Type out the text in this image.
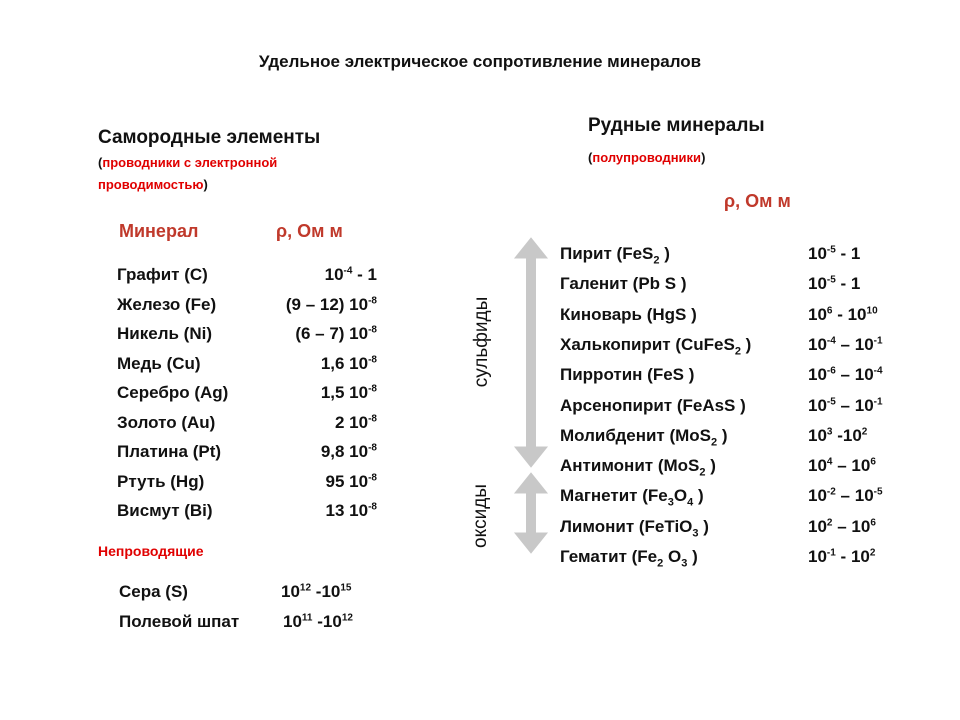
Удельное электрическое сопротивление минералов
Самородные элементы
(проводники с электронной проводимостью)
Минерал	ρ, Ом м
Графит (С)	$10^{-4} - 1$
Железо (Fe)	(9 – 12) $10^{-8}$
Никель (Ni)	(6 – 7) $10^{-8}$
Медь (Cu)	1,6 $10^{-8}$
Серебро (Ag)	1,5 $10^{-8}$
Золото (Au)	2 $10^{-8}$
Платина (Pt)	9,8 $10^{-8}$
Ртуть (Hg)	95 $10^{-8}$
Висмут (Bi)	13 $10^{-8}$
Непроводящие
Сера (S)	$10^{12}$ $-10^{15}$
Полевой шпат	$10^{11}$ $-10^{12}$
Рудные минералы
(полупроводники)
ρ, Ом м
сульфиды
оксиды
Пирит (FeS$_2$ )	$10^{-5} - 1$
Галенит (Pb S )	$10^{-5} - 1$
Киноварь (HgS )	$10^6 - 10^{10}$
Халькопирит (CuFeS$_2$ )	$10^{-4} - 10^{-1}$
Пирротин (FeS )	$10^{-6} - 10^{-4}$
Арсенопирит (FeAsS )	$10^{-5} - 10^{-1}$
Молибденит (MoS$_2$ )	$10^3$ $-10^2$
Антимонит (MoS$_2$ )	$10^4 - 10^6$
Магнетит ($Fe_3O_4$ )	$10^{-2} - 10^{-5}$
Лимонит (FeTiO$_3$ )	$10^2 - 10^6$
Гематит ($Fe_2$ $O_3$ )	$10^{-1} - 10^2$
